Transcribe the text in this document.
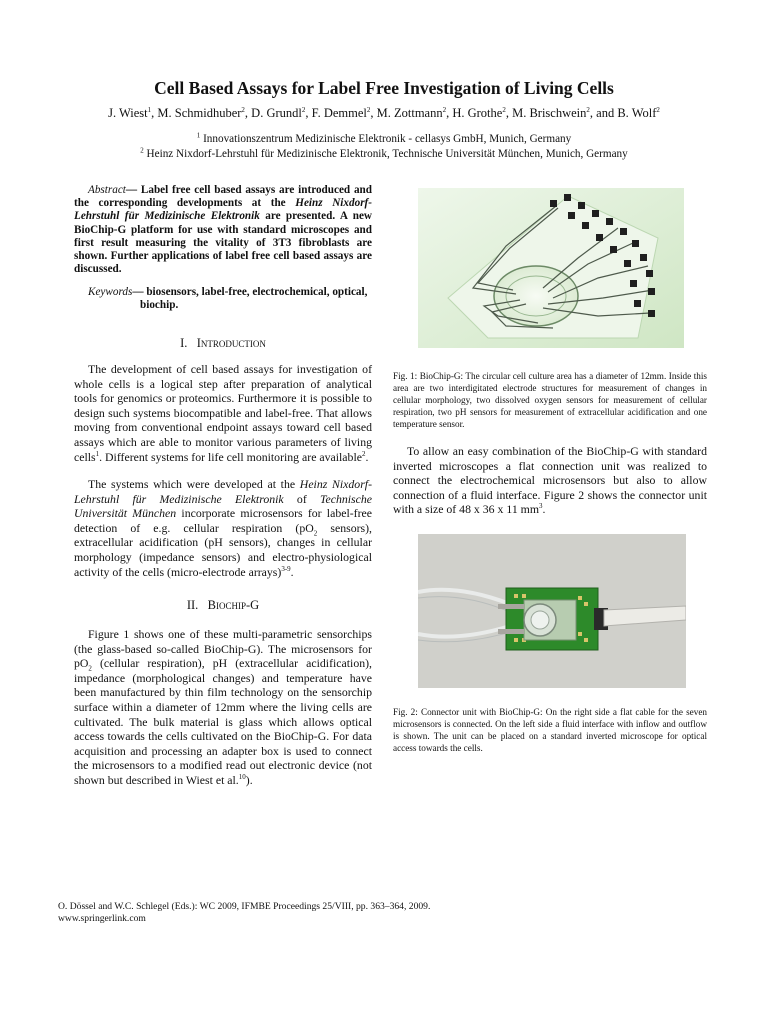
Cell Based Assays for Label Free Investigation of Living Cells
J. Wiest$^1$, M. Schmidhuber$^2$, D. Grundl$^2$, F. Demmel$^2$, M. Zottmann$^2$, H. Grothe$^2$, M. Brischwein$^2$, and B. Wolf$^2$
$^1$ Innovationszentrum Medizinische Elektronik - cellasys GmbH, Munich, Germany
$^2$ Heinz Nixdorf-Lehrstuhl für Medizinische Elektronik, Technische Universität München, Munich, Germany
Abstract— Label free cell based assays are introduced and the corresponding developments at the Heinz Nixdorf-Lehrstuhl für Medizinische Elektronik are presented. A new BioChip-G platform for use with standard microscopes and first result measuring the vitality of 3T3 fibroblasts are shown. Further applications of label free cell based assays are discussed.
Keywords— biosensors, label-free, electrochemical, optical,
biochip.
I. Introduction

The development of cell based assays for investigation of whole cells is a logical step after preparation of analytical tools for genomics or proteomics. Furthermore it is possible to design such systems biocompatible and label-free. That allows moving from conventional endpoint assays toward cell based assays which are able to monitor various parameters of living cells$^1$. Different systems for life cell monitoring are available$^2$.

The systems which were developed at the Heinz Nixdorf-Lehrstuhl für Medizinische Elektronik of Technische Universität München incorporate microsensors for label-free detection of e.g. cellular respiration ($pO_2$ sensors), extracellular acidification (pH sensors), changes in cellular morphology (impedance sensors) and electro-physiological activity of the cells (micro-electrode arrays)$^{3-9}$.

II. Biochip-G

Figure 1 shows one of these multi-parametric sensorchips (the glass-based so-called BioChip-G). The microsensors for $pO_2$ (cellular respiration), pH (extracellular acidification), impedance (morphological changes) and temperature have been manufactured by thin film technology on the sensorchip surface within a diameter of 12mm where the living cells are cultivated. The bulk material is glass which allows optical access towards the cells cultivated on the BioChip-G. For data acquisition and processing an adapter box is used to connect the microsensors to a modified read out electronic device (not shown but described in Wiest et al.$^{10}$).

Fig. 1: BioChip-G: The circular cell culture area has a diameter of 12mm. Inside this area are two interdigitated electrode structures for measurement of changes in cellular morphology, two dissolved oxygen sensors for measurement of cellular respiration, two pH sensors for measurement of extracellular acidification and one temperature sensor.

To allow an easy combination of the BioChip-G with standard inverted microscopes a flat connection unit was realized to connect the electrochemical microsensors but also to allow connection of a fluid interface. Figure 2 shows the connector unit with a size of 48 x 36 x 11 $mm^3$.

Fig. 2: Connector unit with BioChip-G: On the right side a flat cable for the seven microsensors is connected. On the left side a fluid interface with inflow and outflow is shown. The unit can be placed on a standard inverted microscope for optical access towards the cells.
O. Dössel and W.C. Schlegel (Eds.): WC 2009, IFMBE Proceedings 25/VIII, pp. 363–364, 2009.
www.springerlink.com
